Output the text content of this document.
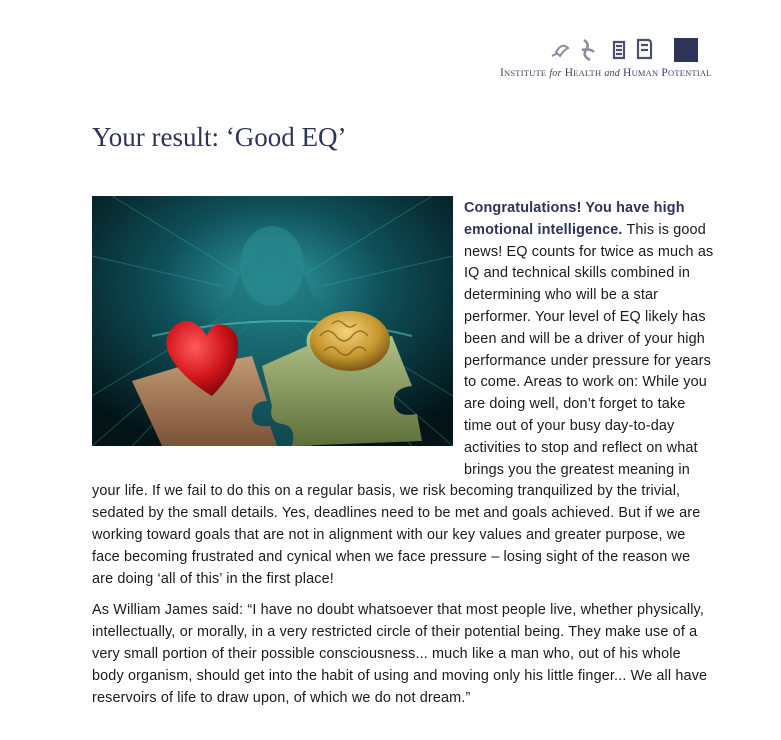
INSTITUTE for HEALTH and HUMAN POTENTIAL
Your result: ‘Good EQ’

Congratulations! You have high emotional intelligence. This is good news! EQ counts for twice as much as IQ and technical skills combined in determining who will be a star performer. Your level of EQ likely has been and will be a driver of your high performance under pressure for years to come. Areas to work on: While you are doing well, don’t forget to take time out of your busy day-to-day activities to stop and reflect on what brings you the greatest meaning in your life. If we fail to do this on a regular basis, we risk becoming tranquilized by the trivial, sedated by the small details. Yes, deadlines need to be met and goals achieved. But if we are working toward goals that are not in alignment with our key values and greater purpose, we face becoming frustrated and cynical when we face pressure – losing sight of the reason we are doing ‘all of this’ in the first place!

As William James said: “I have no doubt whatsoever that most people live, whether physically, intellectually, or morally, in a very restricted circle of their potential being. They make use of a very small portion of their possible consciousness... much like a man who, out of his whole body organism, should get into the habit of using and moving only his little finger... We all have reservoirs of life to draw upon, of which we do not dream.”
